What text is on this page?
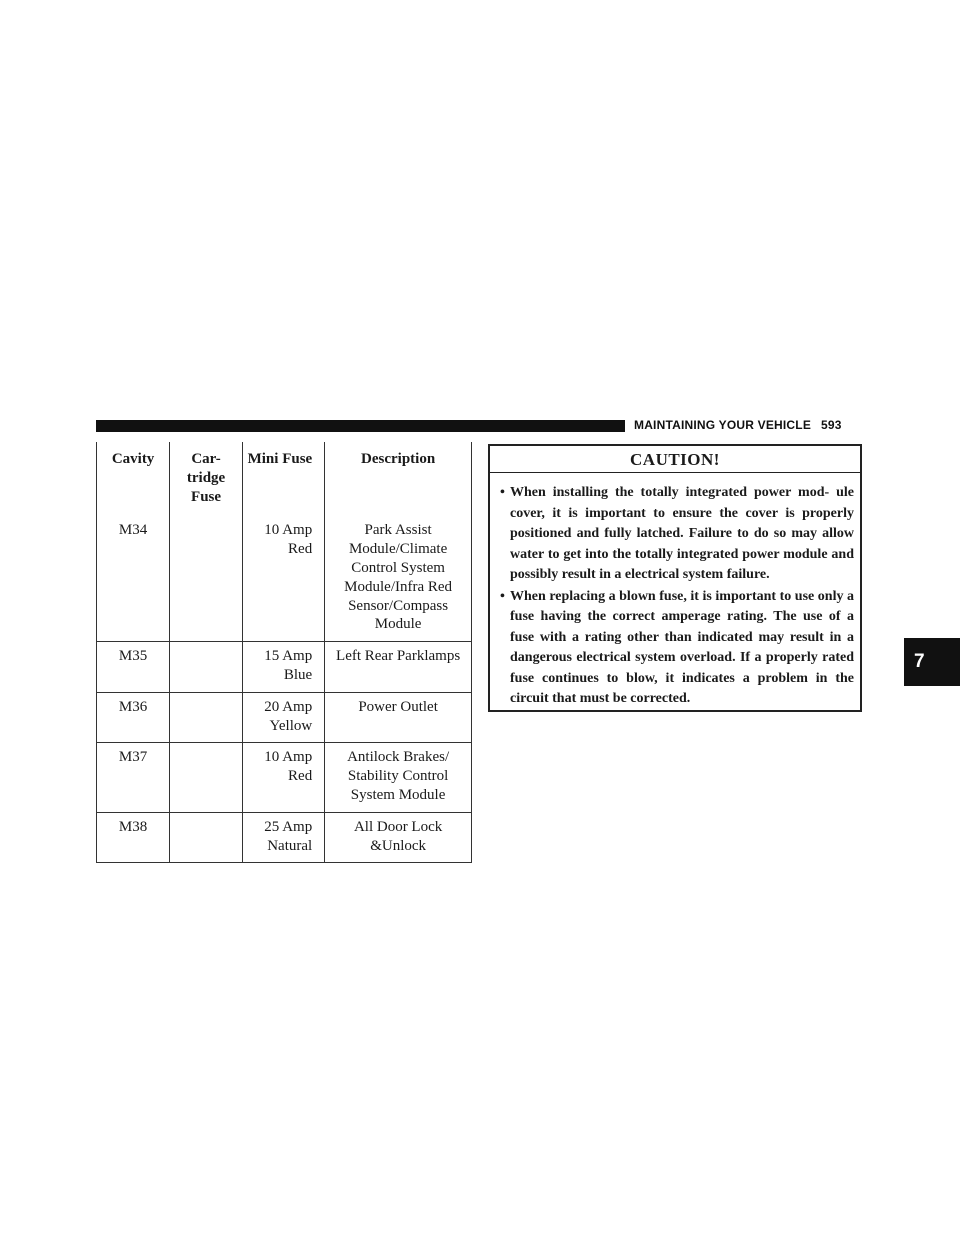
MAINTAINING YOUR VEHICLE 593
Cavity	Car- tridge Fuse	Mini Fuse	Description
M34		10 Amp Red	Park Assist Module/Climate Control System Module/Infra Red Sensor/Compass Module
M35		15 Amp Blue	Left Rear Parklamps
M36		20 Amp Yellow	Power Outlet
M37		10 Amp Red	Antilock Brakes/ Stability Control System Module
M38		25 Amp Natural	All Door Lock &Unlock
CAUTION!
• When installing the totally integrated power mod- ule cover, it is important to ensure the cover is properly positioned and fully latched. Failure to do so may allow water to get into the totally integrated power module and possibly result in a electrical system failure.
• When replacing a blown fuse, it is important to use only a fuse having the correct amperage rating. The use of a fuse with a rating other than indicated may result in a dangerous electrical system overload. If a properly rated fuse continues to blow, it indicates a problem in the circuit that must be corrected.
7
